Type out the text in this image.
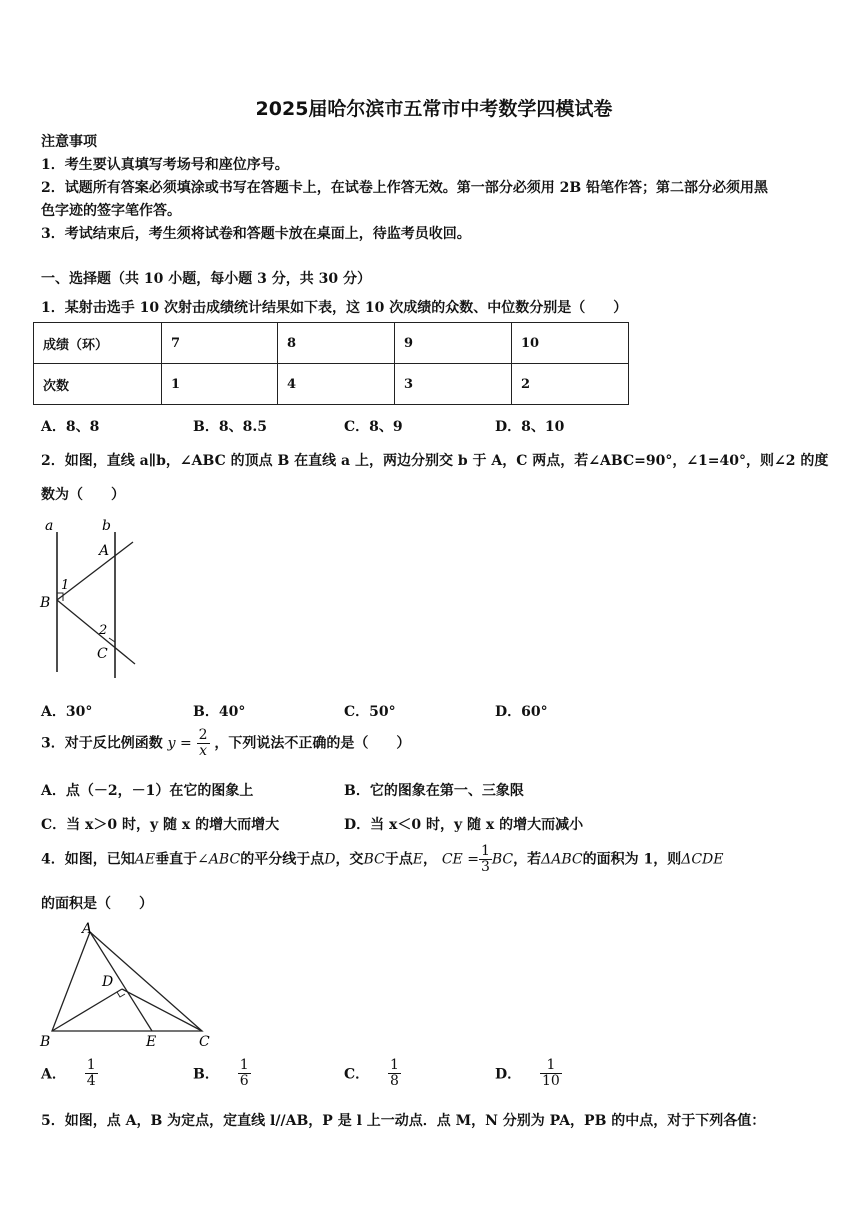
2025届哈尔滨市五常市中考数学四模试卷
注意事项
1．考生要认真填写考场号和座位序号。
2．试题所有答案必须填涂或书写在答题卡上，在试卷上作答无效。第一部分必须用 2B 铅笔作答；第二部分必须用黑
色字迹的签字笔作答。
3．考试结束后，考生须将试卷和答题卡放在桌面上，待监考员收回。
一、选择题（共 10 小题，每小题 3 分，共 30 分）
1．某射击选手 10 次射击成绩统计结果如下表，这 10 次成绩的众数、中位数分别是（　　）
成绩（环）	7	8	9	10
次数	1	4	3	2
A．8、8	B．8、8.5	C．8、9	D．8、10
2．如图，直线 a∥b，∠ABC 的顶点 B 在直线 a 上，两边分别交 b 于 A，C 两点，若∠ABC=90°，∠1=40°，则∠2 的度
数为（　　）
a	b
A
B
C
1
2
A．30°	B．40°	C．50°	D．60°
3．对于反比例函数 $y = \frac{2}{x}$ ，下列说法不正确的是（　　）
A．点（－2，－1）在它的图象上	B．它的图象在第一、三象限
C．当 x＞0 时，y 随 x 的增大而增大	D．当 x＜0 时，y 随 x 的增大而减小
4．如图，已知AE垂直于∠ABC的平分线于点D，交BC于点E， CE = $\frac{1}{3}$ BC，若ΔABC的面积为 1，则ΔCDE
的面积是（　　）
A
B	C
D
E
A． $\frac{1}{4}$	B． $\frac{1}{6}$	C． $\frac{1}{8}$	D． $\frac{1}{10}$
5．如图，点 A，B 为定点，定直线 l//AB，P 是 l 上一动点．点 M，N 分别为 PA，PB 的中点，对于下列各值：
